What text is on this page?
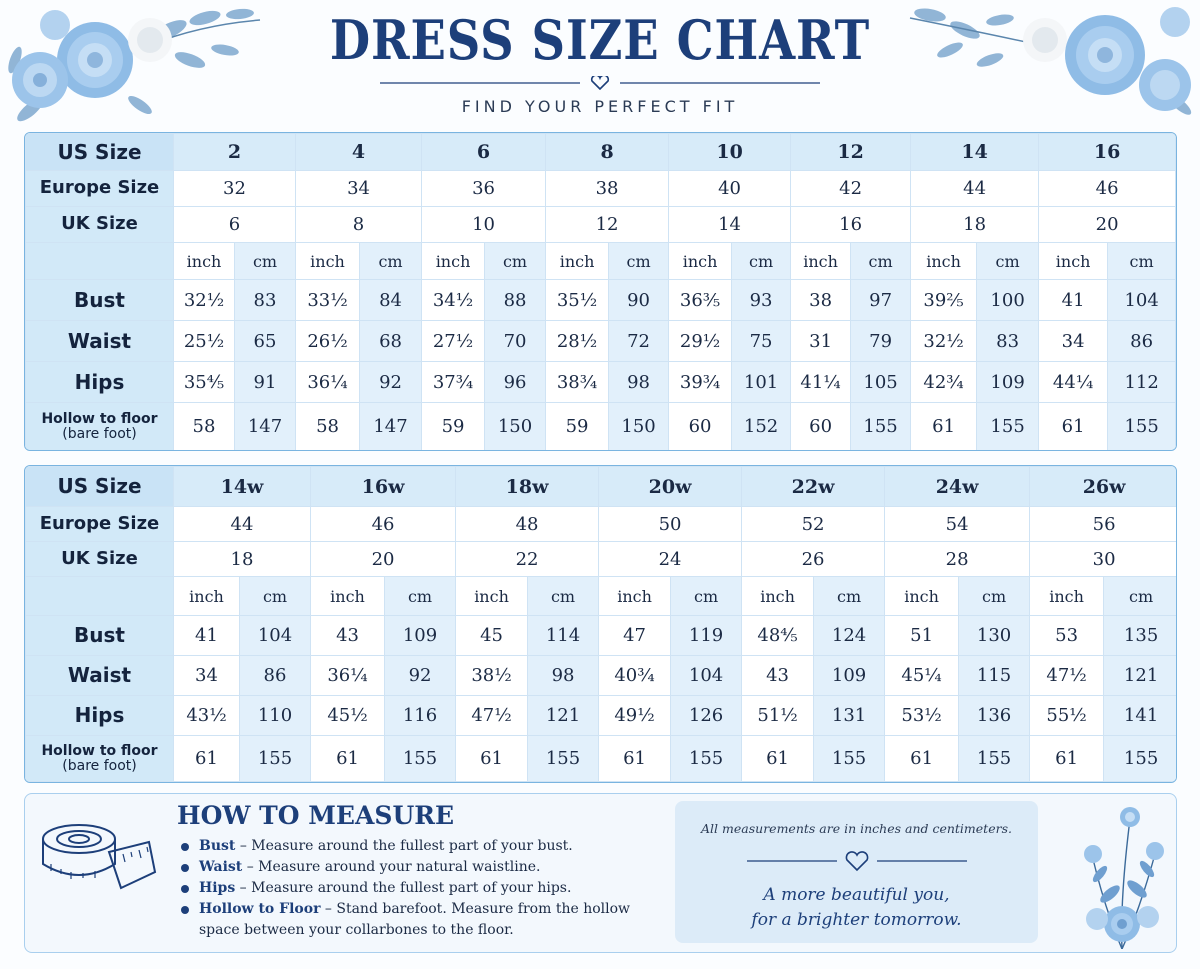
DRESS SIZE CHART
FIND YOUR PERFECT FIT
US Size	2		4		6		8		10		12		14		16	
Europe Size	32		34		36		38		40		42		44		46	
UK Size	6		8		10		12		14		16		18		20	
	inch	cm	inch	cm	inch	cm	inch	cm	inch	cm	inch	cm	inch	cm	inch	cm
Bust	32½	83	33½	84	34½	88	35½	90	36⅗	93	38	97	39⅖	100	41	104
Waist	25½	65	26½	68	27½	70	28½	72	29½	75	31	79	32½	83	34	86
Hips	35⅘	91	36¼	92	37¾	96	38¾	98	39¾	101	41¼	105	42¾	109	44¼	112
Hollow to floor
(bare foot)	58	147	58	147	59	150	59	150	60	152	60	155	61	155	61	155
US Size	14w		16w		18w		20w		22w		24w		26w	
Europe Size	44		46		48		50		52		54		56	
UK Size	18		20		22		24		26		28		30	
	inch	cm	inch	cm	inch	cm	inch	cm	inch	cm	inch	cm	inch	cm
Bust	41	104	43	109	45	114	47	119	48⅘	124	51	130	53	135
Waist	34	86	36¼	92	38½	98	40¾	104	43	109	45¼	115	47½	121
Hips	43½	110	45½	116	47½	121	49½	126	51½	131	53½	136	55½	141
Hollow to floor
(bare foot)	61	155	61	155	61	155	61	155	61	155	61	155	61	155
HOW TO MEASURE
Bust – Measure around the fullest part of your bust.
Waist – Measure around your natural waistline.
Hips – Measure around the fullest part of your hips.
Hollow to Floor – Stand barefoot. Measure from the hollow space between your collarbones to the floor.
All measurements are in inches and centimeters.
A more beautiful you,
for a brighter tomorrow.
